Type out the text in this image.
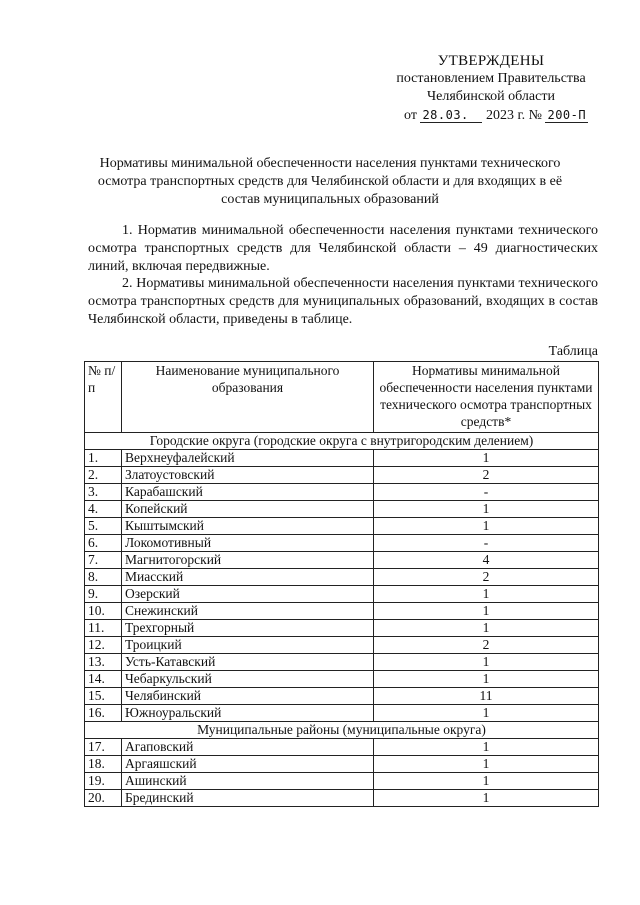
УТВЕРЖДЕНЫ
постановлением Правительства
Челябинской области
от 28.03. 2023 г. № 200-П
Нормативы минимальной обеспеченности населения пунктами технического осмотра транспортных средств для Челябинской области и для входящих в её состав муниципальных образований
1. Норматив минимальной обеспеченности населения пунктами технического осмотра транспортных средств для Челябинской области – 49 диагностических линий, включая передвижные.
2. Нормативы минимальной обеспеченности населения пунктами технического осмотра транспортных средств для муниципальных образований, входящих в состав Челябинской области, приведены в таблице.
Таблица
№ п/п	Наименование муниципального образования	Нормативы минимальной обеспеченности населения пунктами технического осмотра транспортных средств*
Городские округа (городские округа с внутригородским делением)		
1.	Верхнеуфалейский	1
2.	Златоустовский	2
3.	Карабашский	-
4.	Копейский	1
5.	Кыштымский	1
6.	Локомотивный	-
7.	Магнитогорский	4
8.	Миасский	2
9.	Озерский	1
10.	Снежинский	1
11.	Трехгорный	1
12.	Троицкий	2
13.	Усть-Катавский	1
14.	Чебаркульский	1
15.	Челябинский	11
16.	Южноуральский	1
Муниципальные районы (муниципальные округа)		
17.	Агаповский	1
18.	Аргаяшский	1
19.	Ашинский	1
20.	Брединский	1
